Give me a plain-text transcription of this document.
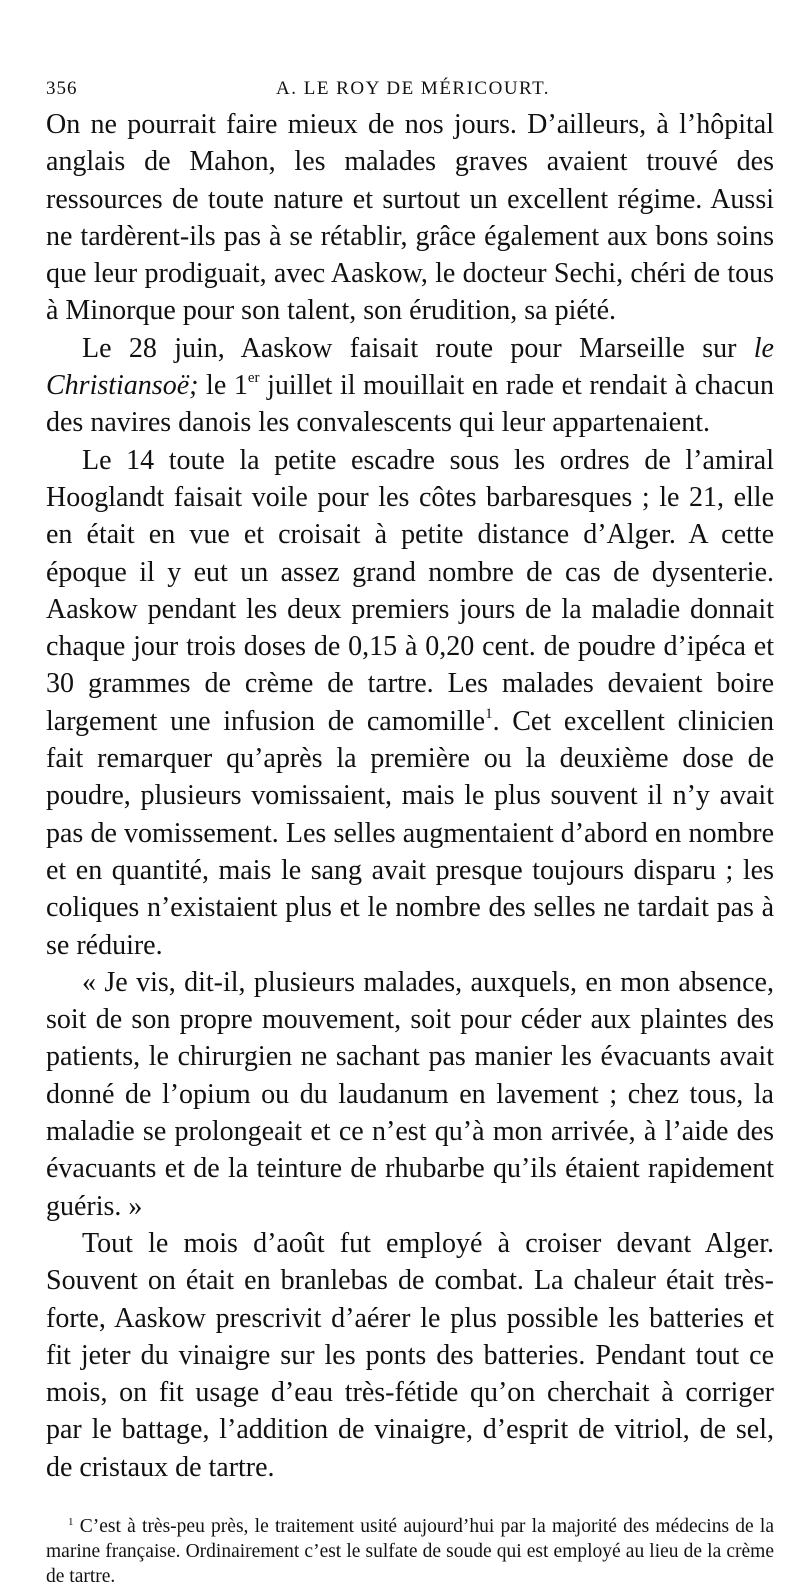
356	A. LE ROY DE MÉRICOURT.

On ne pourrait faire mieux de nos jours. D’ailleurs, à l’hôpital anglais de Mahon, les malades graves avaient trouvé des ressources de toute nature et surtout un excellent régime. Aussi ne tardèrent-ils pas à se rétablir, grâce également aux bons soins que leur prodiguait, avec Aaskow, le docteur Sechi, chéri de tous à Minorque pour son talent, son érudition, sa piété.

Le 28 juin, Aaskow faisait route pour Marseille sur le Christiansoë; le 1er juillet il mouillait en rade et rendait à chacun des navires danois les convalescents qui leur appartenaient.

Le 14 toute la petite escadre sous les ordres de l’amiral Hooglandt faisait voile pour les côtes barbaresques ; le 21, elle en était en vue et croisait à petite distance d’Alger. A cette époque il y eut un assez grand nombre de cas de dysenterie. Aaskow pendant les deux premiers jours de la maladie donnait chaque jour trois doses de 0,15 à 0,20 cent. de poudre d’ipéca et 30 grammes de crème de tartre. Les malades devaient boire largement une infusion de camomille$^1$. Cet excellent clinicien fait remarquer qu’après la première ou la deuxième dose de poudre, plusieurs vomissaient, mais le plus souvent il n’y avait pas de vomissement. Les selles augmentaient d’abord en nombre et en quantité, mais le sang avait presque toujours disparu ; les coliques n’existaient plus et le nombre des selles ne tardait pas à se réduire.

« Je vis, dit-il, plusieurs malades, auxquels, en mon absence, soit de son propre mouvement, soit pour céder aux plaintes des patients, le chirurgien ne sachant pas manier les évacuants avait donné de l’opium ou du laudanum en lavement ; chez tous, la maladie se prolongeait et ce n’est qu’à mon arrivée, à l’aide des évacuants et de la teinture de rhubarbe qu’ils étaient rapidement guéris. »

Tout le mois d’août fut employé à croiser devant Alger. Souvent on était en branlebas de combat. La chaleur était très-forte, Aaskow prescrivit d’aérer le plus possible les batteries et fit jeter du vinaigre sur les ponts des batteries. Pendant tout ce mois, on fit usage d’eau très-fétide qu’on cherchait à corriger par le battage, l’addition de vinaigre, d’esprit de vitriol, de sel, de cristaux de tartre.

$^1$ C’est à très-peu près, le traitement usité aujourd’hui par la majorité des médecins de la marine française. Ordinairement c’est le sulfate de soude qui est employé au lieu de la crème de tartre.
